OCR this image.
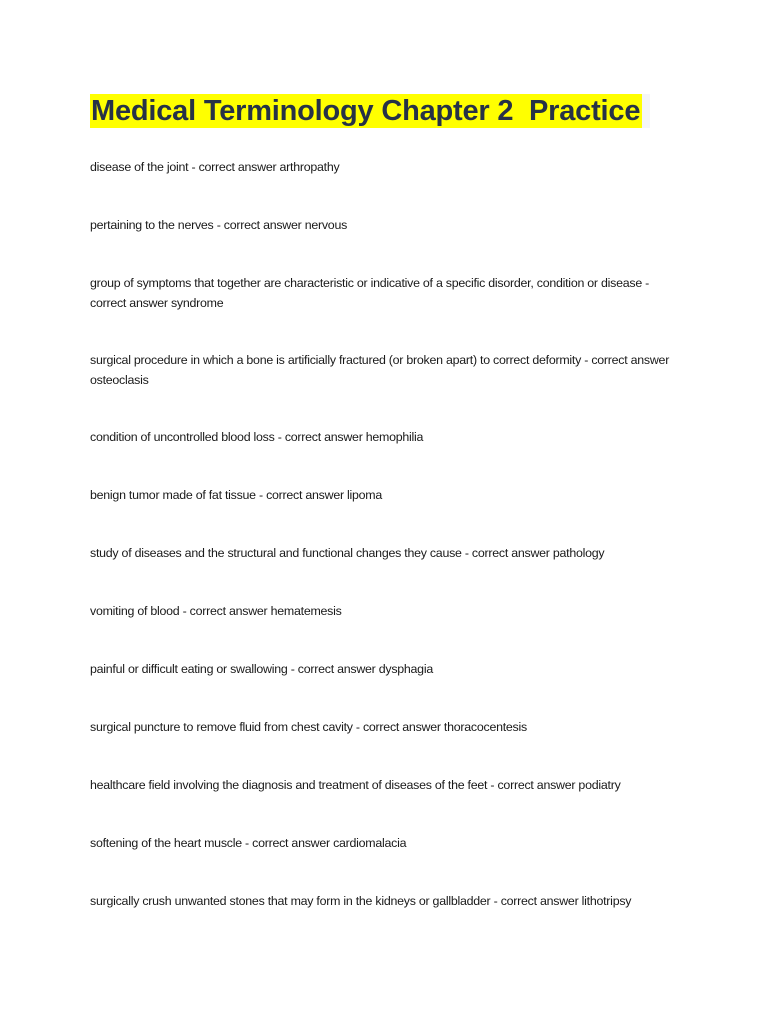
Medical Terminology Chapter 2  Practice
disease of the joint - correct answer arthropathy
pertaining to the nerves - correct answer nervous
group of symptoms that together are characteristic or indicative of a specific disorder, condition or disease - correct answer syndrome
surgical procedure in which a bone is artificially fractured (or broken apart) to correct deformity - correct answer osteoclasis
condition of uncontrolled blood loss - correct answer hemophilia
benign tumor made of fat tissue - correct answer lipoma
study of diseases and the structural and functional changes they cause - correct answer pathology
vomiting of blood - correct answer hematemesis
painful or difficult eating or swallowing - correct answer dysphagia
surgical puncture to remove fluid from chest cavity - correct answer thoracocentesis
healthcare field involving the diagnosis and treatment of diseases of the feet - correct answer podiatry
softening of the heart muscle - correct answer cardiomalacia
surgically crush unwanted stones that may form in the kidneys or gallbladder - correct answer lithotripsy
